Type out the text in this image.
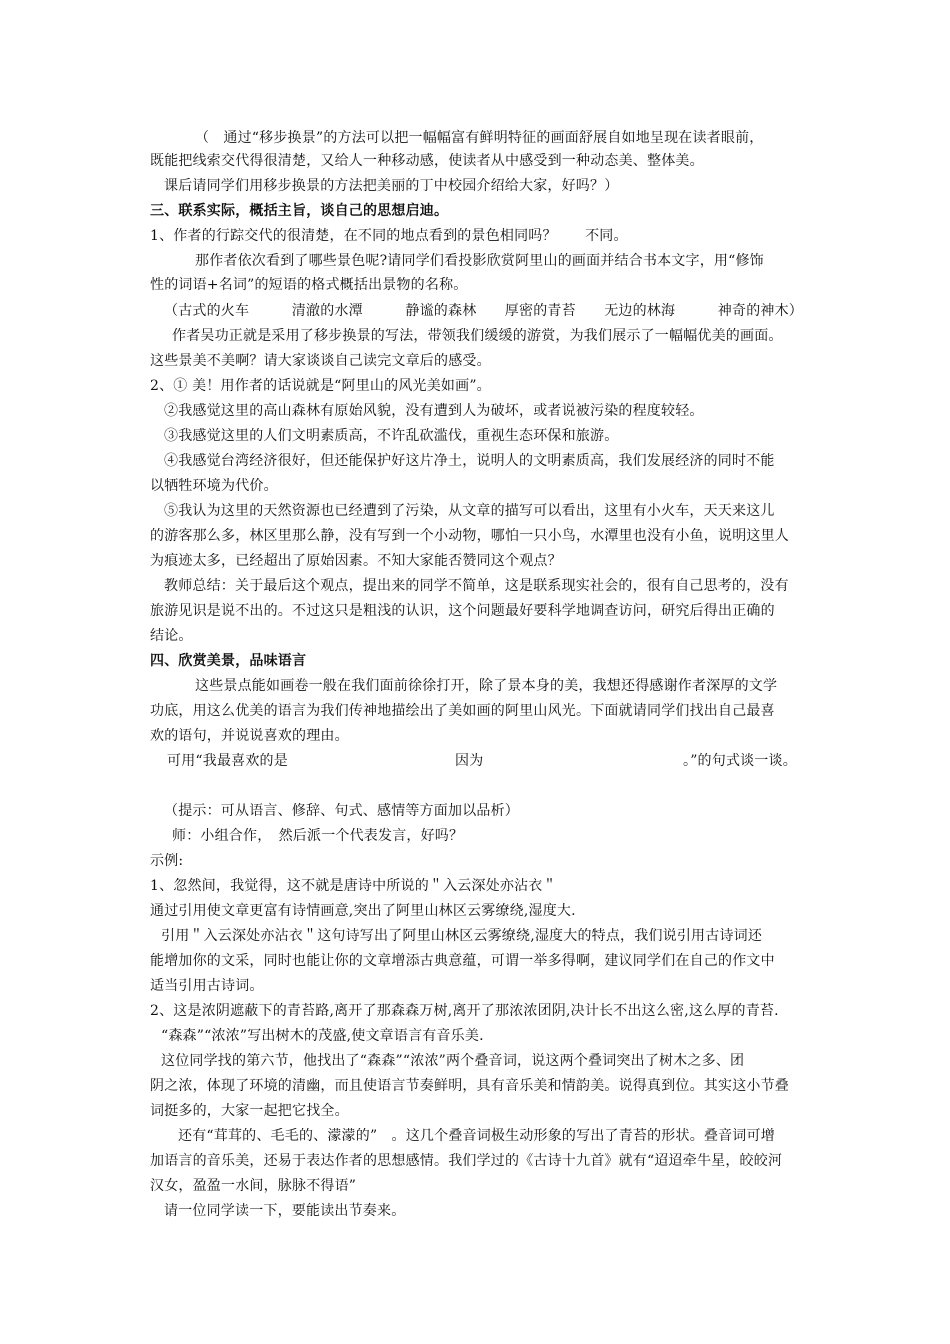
（　通过“移步换景”的方法可以把一幅幅富有鲜明特征的画面舒展自如地呈现在读者眼前，
既能把线索交代得很清楚，又给人一种移动感，使读者从中感受到一种动态美、整体美。
课后请同学们用移步换景的方法把美丽的丁中校园介绍给大家，好吗？）
三、联系实际，概括主旨，谈自己的思想启迪。
1、作者的行踪交代的很清楚，在不同的地点看到的景色相同吗？　　不同。
那作者依次看到了哪些景色呢?请同学们看投影欣赏阿里山的画面并结合书本文字，用“修饰
性的词语+名词”的短语的格式概括出景物的名称。
（古式的火车　　　清澈的水潭　　　静谧的森林　　厚密的青苔　　无边的林海　　　神奇的神木）
作者吴功正就是采用了移步换景的写法，带领我们缓缓的游赏，为我们展示了一幅幅优美的画面。
这些景美不美啊？请大家谈谈自己读完文章后的感受。
2、① 美！用作者的话说就是“阿里山的风光美如画”。
②我感觉这里的高山森林有原始风貌，没有遭到人为破坏，或者说被污染的程度较轻。
③我感觉这里的人们文明素质高，不许乱砍滥伐，重视生态环保和旅游。
④我感觉台湾经济很好，但还能保护好这片净土，说明人的文明素质高，我们发展经济的同时不能
以牺牲环境为代价。
⑤我认为这里的天然资源也已经遭到了污染，从文章的描写可以看出，这里有小火车，天天来这儿
的游客那么多，林区里那么静，没有写到一个小动物，哪怕一只小鸟，水潭里也没有小鱼，说明这里人
为痕迹太多，已经超出了原始因素。不知大家能否赞同这个观点？
教师总结：关于最后这个观点，提出来的同学不简单，这是联系现实社会的，很有自己思考的，没有
旅游见识是说不出的。不过这只是粗浅的认识，这个问题最好要科学地调查访问，研究后得出正确的
结论。
四、欣赏美景，品味语言
这些景点能如画卷一般在我们面前徐徐打开，除了景本身的美，我想还得感谢作者深厚的文学
功底，用这么优美的语言为我们传神地描绘出了美如画的阿里山风光。下面就请同学们找出自己最喜
欢的语句，并说说喜欢的理由。
可用“我最喜欢的是	因为	。”的句式谈一谈。
（提示：可从语言、修辞、句式、感情等方面加以品析）
师：小组合作，　然后派一个代表发言，好吗？
示例:
1、忽然间，我觉得，这不就是唐诗中所说的＂入云深处亦沾衣＂
通过引用使文章更富有诗情画意,突出了阿里山林区云雾缭绕,湿度大.
引用＂入云深处亦沾衣＂这句诗写出了阿里山林区云雾缭绕,湿度大的特点，我们说引用古诗词还
能增加你的文采，同时也能让你的文章增添古典意蕴，可谓一举多得啊，建议同学们在自己的作文中
适当引用古诗词。
2、这是浓阴遮蔽下的青苔路,离开了那森森万树,离开了那浓浓团阴,决计长不出这么密,这么厚的青苔.
“森森”“浓浓”写出树木的茂盛,使文章语言有音乐美.
这位同学找的第六节，他找出了“森森”“浓浓”两个叠音词，说这两个叠词突出了树木之多、团
阴之浓，体现了环境的清幽，而且使语言节奏鲜明，具有音乐美和情韵美。说得真到位。其实这小节叠
词挺多的，大家一起把它找全。
还有“茸茸的、毛毛的、濛濛的”　。这几个叠音词极生动形象的写出了青苔的形状。叠音词可增
加语言的音乐美，还易于表达作者的思想感情。我们学过的《古诗十九首》就有“迢迢牵牛星，皎皎河
汉女，盈盈一水间，脉脉不得语”
请一位同学读一下，要能读出节奏来。
